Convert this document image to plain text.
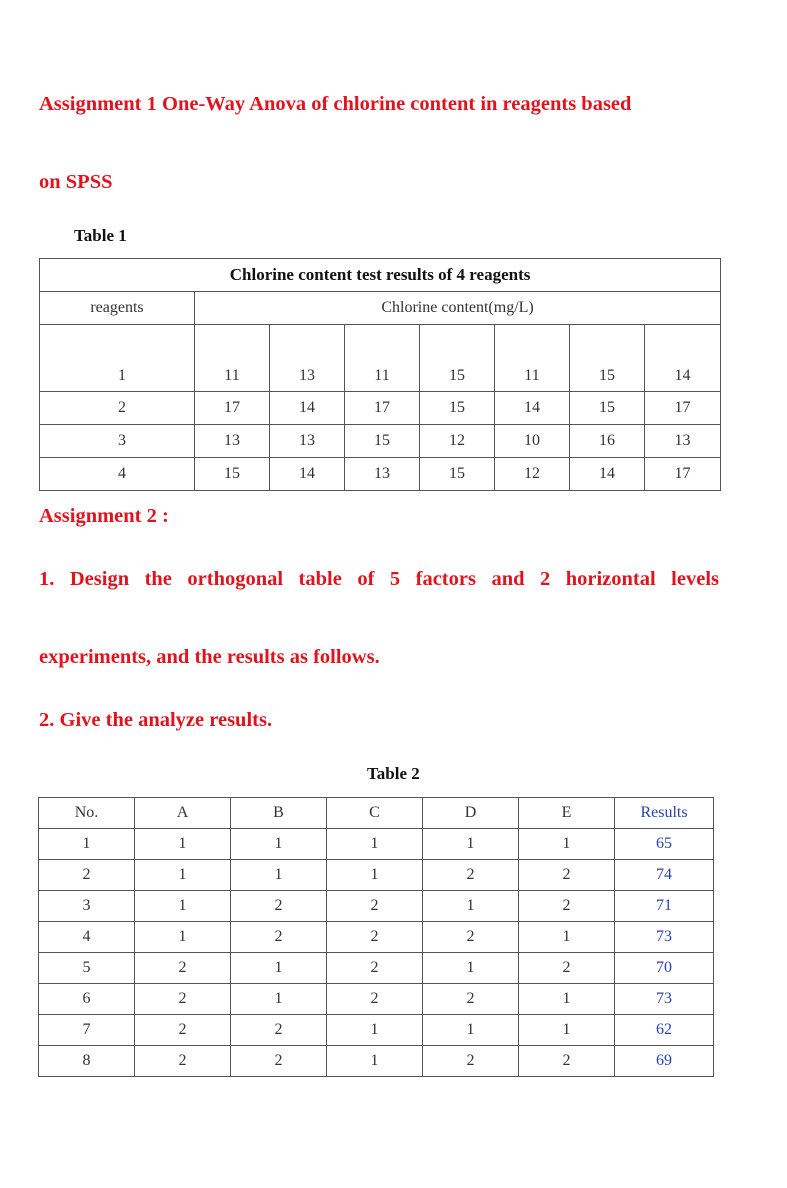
Assignment 1 One-Way Anova of chlorine content in reagents based
on SPSS
Table 1
Chlorine content test results of 4 reagents							
reagents	Chlorine content(mg/L)						
1	11	13	11	15	11	15	14
2	17	14	17	15	14	15	17
3	13	13	15	12	10	16	13
4	15	14	13	15	12	14	17
Assignment 2 :
1. Design the orthogonal table of 5 factors and 2 horizontal levels
experiments, and the results as follows.
2. Give the analyze results.
Table 2
No.	A	B	C	D	E	Results
1	1	1	1	1	1	65
2	1	1	1	2	2	74
3	1	2	2	1	2	71
4	1	2	2	2	1	73
5	2	1	2	1	2	70
6	2	1	2	2	1	73
7	2	2	1	1	1	62
8	2	2	1	2	2	69
